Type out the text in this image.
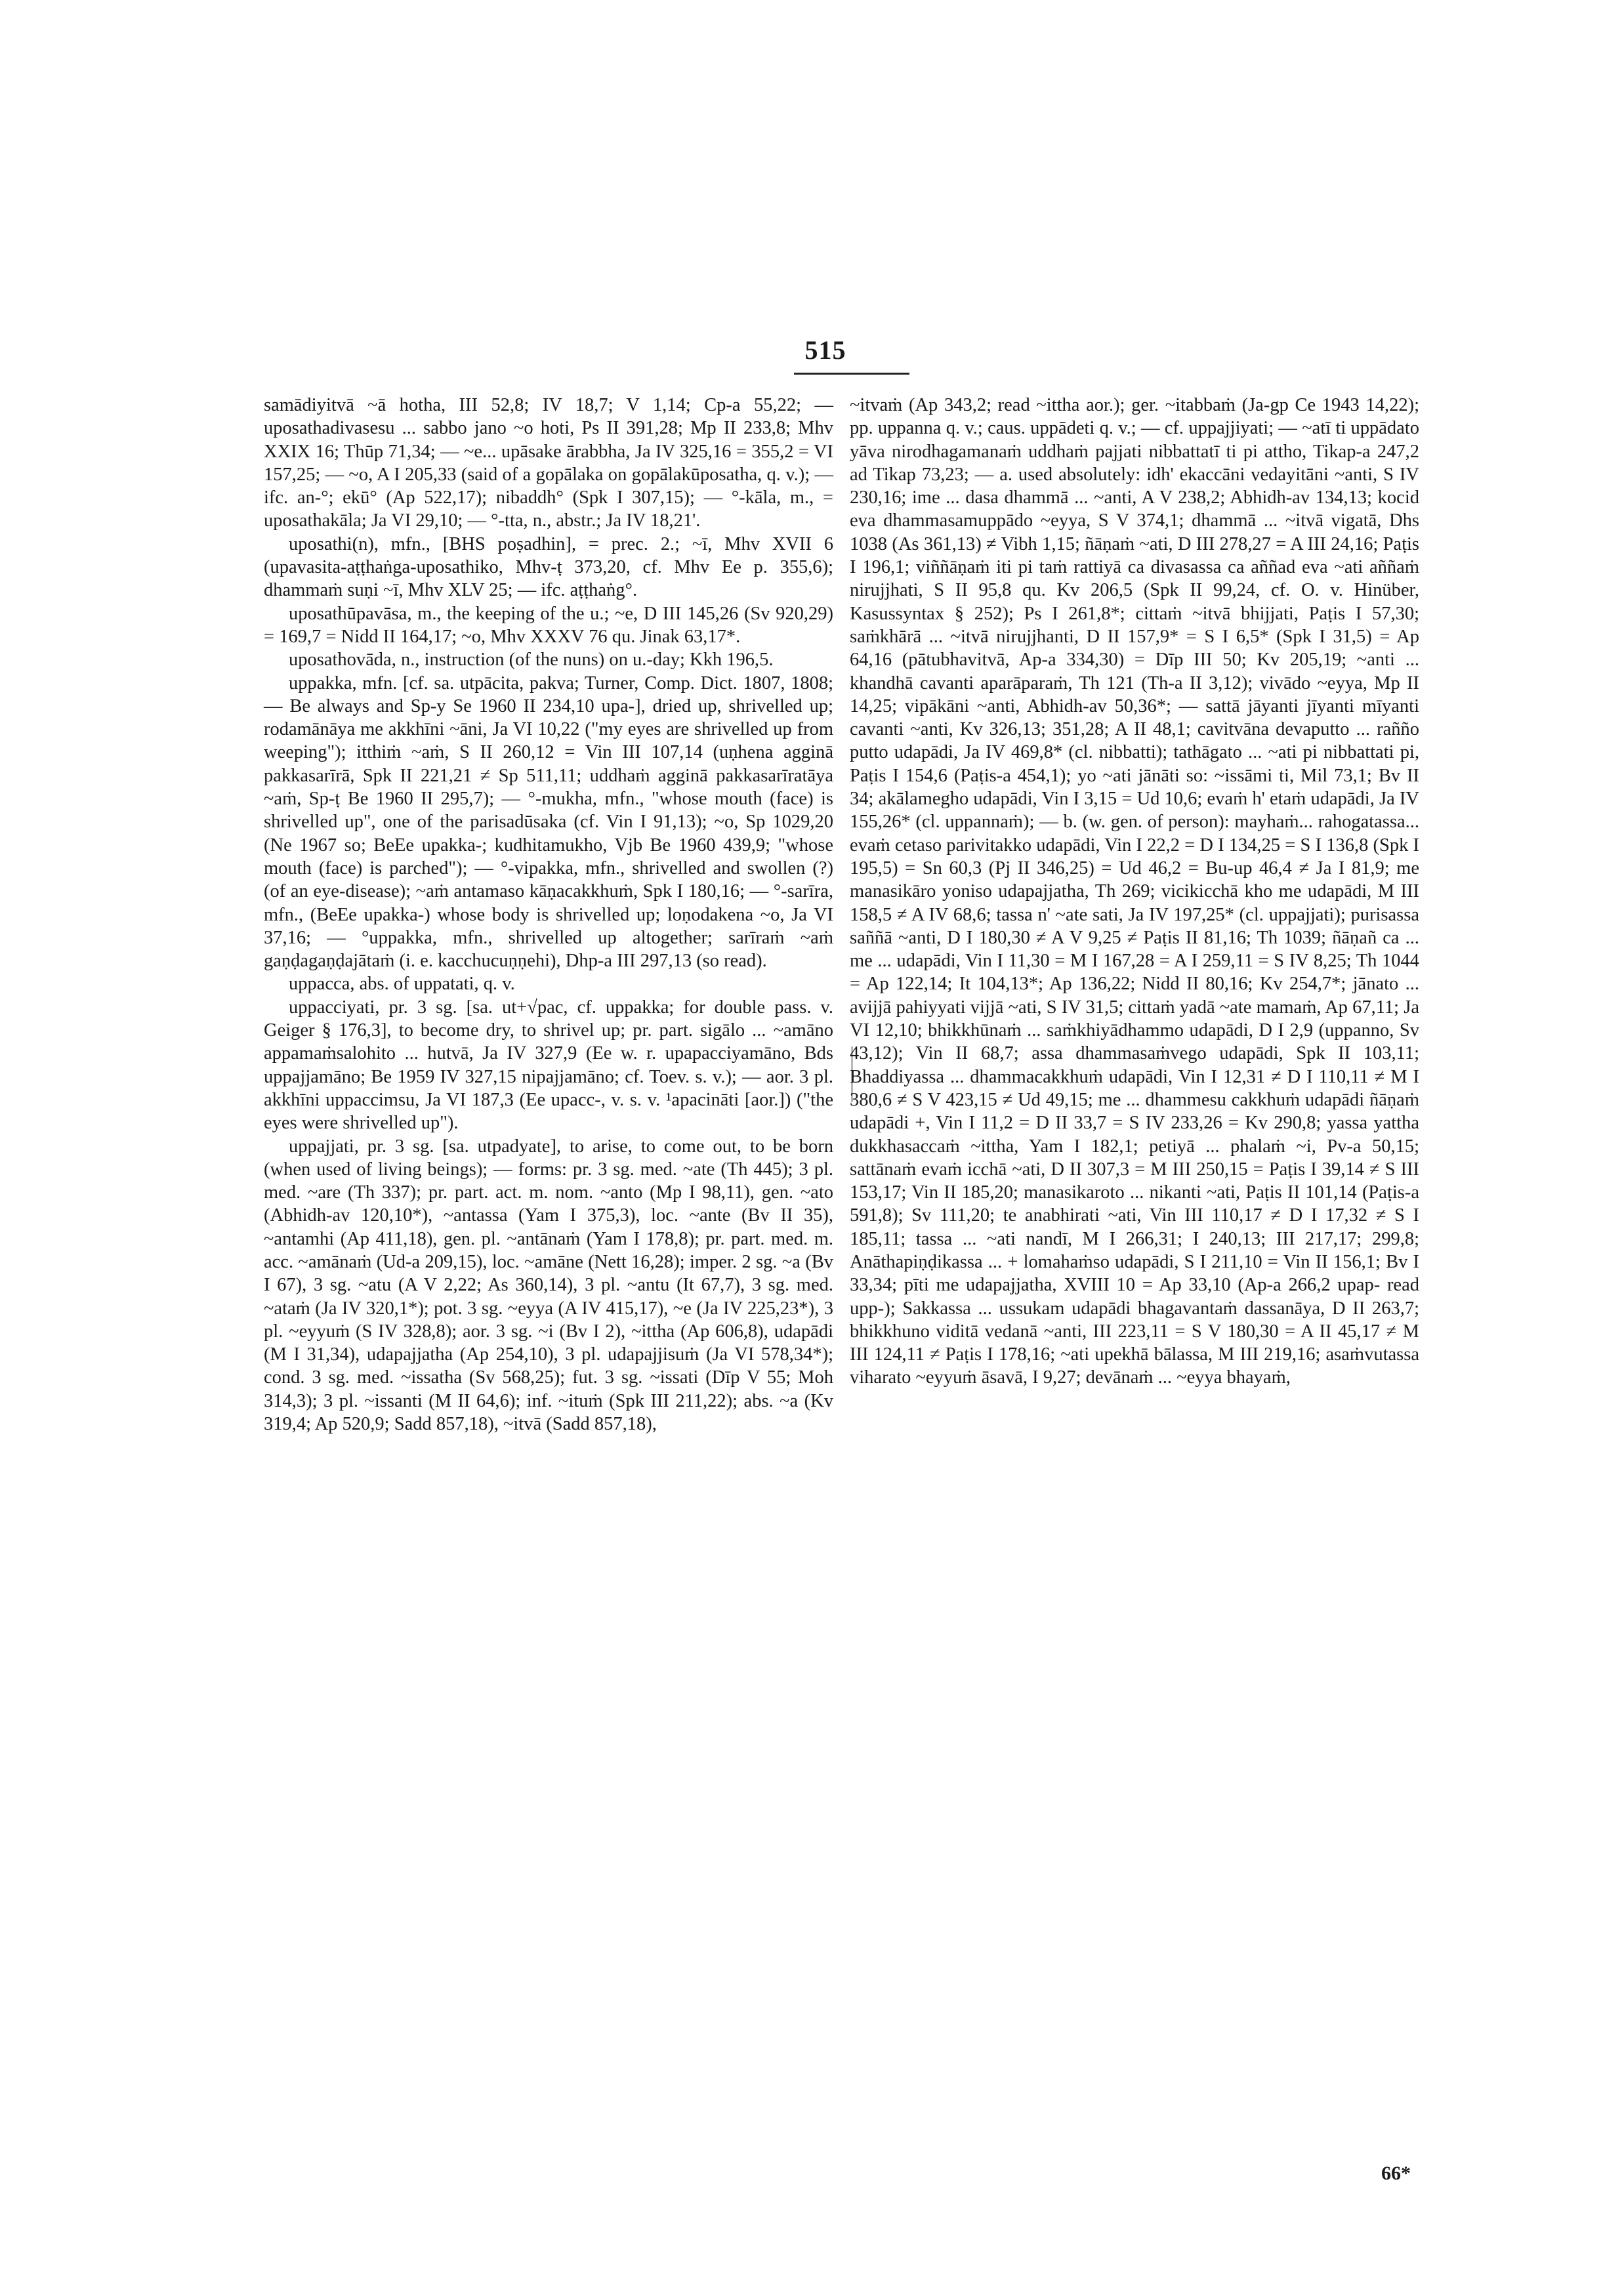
515

samādiyitvā ~ā hotha, III 52,8; IV 18,7; V 1,14; Cp-a 55,22; — uposathadivasesu ... sabbo jano ~o hoti, Ps II 391,28; Mp II 233,8; Mhv XXIX 16; Thūp 71,34; — ~e... upāsake ārabbha, Ja IV 325,16 = 355,2 = VI 157,25; — ~o, A I 205,33 (said of a gopālaka on gopālakūposatha, q. v.); — ifc. an-°; ekū° (Ap 522,17); nibaddh° (Spk I 307,15); — °-kāla, m., = uposathakāla; Ja VI 29,10; — °-tta, n., abstr.; Ja IV 18,21'.

uposathi(n), mfn., [BHS poṣadhin], = prec. 2.; ~ī, Mhv XVII 6 (upavasita-aṭṭhaṅga-uposathiko, Mhv-ṭ 373,20, cf. Mhv Ee p. 355,6); dhammaṁ suṇi ~ī, Mhv XLV 25; — ifc. aṭṭhaṅg°.

uposathūpavāsa, m., the keeping of the u.; ~e, D III 145,26 (Sv 920,29) = 169,7 = Nidd II 164,17; ~o, Mhv XXXV 76 qu. Jinak 63,17*.

uposathovāda, n., instruction (of the nuns) on u.-day; Kkh 196,5.

uppakka, mfn. [cf. sa. utpācita, pakva; Turner, Comp. Dict. 1807, 1808; — Be always and Sp-y Se 1960 II 234,10 upa-], dried up, shrivelled up; rodamānāya me akkhīni ~āni, Ja VI 10,22 ("my eyes are shrivelled up from weeping"); itthiṁ ~aṁ, S II 260,12 = Vin III 107,14 (uṇhena agginā pakkasarīrā, Spk II 221,21 ≠ Sp 511,11; uddhaṁ agginā pakkasarīratāya ~aṁ, Sp-ṭ Be 1960 II 295,7); — °-mukha, mfn., "whose mouth (face) is shrivelled up", one of the parisadūsaka (cf. Vin I 91,13); ~o, Sp 1029,20 (Ne 1967 so; BeEe upakka-; kudhitamukho, Vjb Be 1960 439,9; "whose mouth (face) is parched"); — °-vipakka, mfn., shrivelled and swollen (?) (of an eye-disease); ~aṁ antamaso kāṇacakkhuṁ, Spk I 180,16; — °-sarīra, mfn., (BeEe upakka-) whose body is shrivelled up; loṇodakena ~o, Ja VI 37,16; — °uppakka, mfn., shrivelled up altogether; sarīraṁ ~aṁ gaṇḍagaṇḍajātaṁ (i. e. kacchucuṇṇehi), Dhp-a III 297,13 (so read).

uppacca, abs. of uppatati, q. v.

uppacciyati, pr. 3 sg. [sa. ut+√pac, cf. uppakka; for double pass. v. Geiger § 176,3], to become dry, to shrivel up; pr. part. sigālo ... ~amāno appamaṁsalohito ... hutvā, Ja IV 327,9 (Ee w. r. upapacciyamāno, Bds uppajjamāno; Be 1959 IV 327,15 nipajjamāno; cf. Toev. s. v.); — aor. 3 pl. akkhīni uppaccimsu, Ja VI 187,3 (Ee upacc-, v. s. v. ¹apacināti [aor.]) ("the eyes were shrivelled up").

uppajjati, pr. 3 sg. [sa. utpadyate], to arise, to come out, to be born (when used of living beings); — forms: pr. 3 sg. med. ~ate (Th 445); 3 pl. med. ~are (Th 337); pr. part. act. m. nom. ~anto (Mp I 98,11), gen. ~ato (Abhidh-av 120,10*), ~antassa (Yam I 375,3), loc. ~ante (Bv II 35), ~antamhi (Ap 411,18), gen. pl. ~antānaṁ (Yam I 178,8); pr. part. med. m. acc. ~amānaṁ (Ud-a 209,15), loc. ~amāne (Nett 16,28); imper. 2 sg. ~a (Bv I 67), 3 sg. ~atu (A V 2,22; As 360,14), 3 pl. ~antu (It 67,7), 3 sg. med. ~ataṁ (Ja IV 320,1*); pot. 3 sg. ~eyya (A IV 415,17), ~e (Ja IV 225,23*), 3 pl. ~eyyuṁ (S IV 328,8); aor. 3 sg. ~i (Bv I 2), ~ittha (Ap 606,8), udapādi (M I 31,34), udapajjatha (Ap 254,10), 3 pl. udapajjisuṁ (Ja VI 578,34*); cond. 3 sg. med. ~issatha (Sv 568,25); fut. 3 sg. ~issati (Dīp V 55; Moh 314,3); 3 pl. ~issanti (M II 64,6); inf. ~ituṁ (Spk III 211,22); abs. ~a (Kv 319,4; Ap 520,9; Sadd 857,18), ~itvā (Sadd 857,18),

~itvaṁ (Ap 343,2; read ~ittha aor.); ger. ~itabbaṁ (Ja-gp Ce 1943 14,22); pp. uppanna q. v.; caus. uppādeti q. v.; — cf. uppajjiyati; — ~atī ti uppādato yāva nirodhagamanaṁ uddhaṁ pajjati nibbattatī ti pi attho, Tikap-a 247,2 ad Tikap 73,23; — a. used absolutely: idh' ekaccāni vedayitāni ~anti, S IV 230,16; ime ... dasa dhammā ... ~anti, A V 238,2; Abhidh-av 134,13; kocid eva dhammasamuppādo ~eyya, S V 374,1; dhammā ... ~itvā vigatā, Dhs 1038 (As 361,13) ≠ Vibh 1,15; ñāṇaṁ ~ati, D III 278,27 = A III 24,16; Paṭis I 196,1; viññāṇaṁ iti pi taṁ rattiyā ca divasassa ca aññad eva ~ati aññaṁ nirujjhati, S II 95,8 qu. Kv 206,5 (Spk II 99,24, cf. O. v. Hinüber, Kasussyntax § 252); Ps I 261,8*; cittaṁ ~itvā bhijjati, Paṭis I 57,30; saṁkhārā ... ~itvā nirujjhanti, D II 157,9* = S I 6,5* (Spk I 31,5) = Ap 64,16 (pātubhavitvā, Ap-a 334,30) = Dīp III 50; Kv 205,19; ~anti ... khandhā cavanti aparāparaṁ, Th 121 (Th-a II 3,12); vivādo ~eyya, Mp II 14,25; vipākāni ~anti, Abhidh-av 50,36*; — sattā jāyanti jīyanti mīyanti cavanti ~anti, Kv 326,13; 351,28; A II 48,1; cavitvāna devaputto ... rañño putto udapādi, Ja IV 469,8* (cl. nibbatti); tathāgato ... ~ati pi nibbattati pi, Paṭis I 154,6 (Paṭis-a 454,1); yo ~ati jānāti so: ~issāmi ti, Mil 73,1; Bv II 34; akālamegho udapādi, Vin I 3,15 = Ud 10,6; evaṁ h' etaṁ udapādi, Ja IV 155,26* (cl. uppannaṁ); — b. (w. gen. of person): mayhaṁ... rahogatassa... evaṁ cetaso parivitakko udapādi, Vin I 22,2 = D I 134,25 = S I 136,8 (Spk I 195,5) = Sn 60,3 (Pj II 346,25) = Ud 46,2 = Bu-up 46,4 ≠ Ja I 81,9; me manasikāro yoniso udapajjatha, Th 269; vicikicchā kho me udapādi, M III 158,5 ≠ A IV 68,6; tassa n' ~ate sati, Ja IV 197,25* (cl. uppajjati); purisassa saññā ~anti, D I 180,30 ≠ A V 9,25 ≠ Paṭis II 81,16; Th 1039; ñāṇañ ca ... me ... udapādi, Vin I 11,30 = M I 167,28 = A I 259,11 = S IV 8,25; Th 1044 = Ap 122,14; It 104,13*; Ap 136,22; Nidd II 80,16; Kv 254,7*; jānato ... avijjā pahiyyati vijjā ~ati, S IV 31,5; cittaṁ yadā ~ate mamaṁ, Ap 67,11; Ja VI 12,10; bhikkhūnaṁ ... saṁkhiyādhammo udapādi, D I 2,9 (uppanno, Sv 43,12); Vin II 68,7; assa dhammasaṁvego udapādi, Spk II 103,11; Bhaddiyassa ... dhammacakkhuṁ udapādi, Vin I 12,31 ≠ D I 110,11 ≠ M I 380,6 ≠ S V 423,15 ≠ Ud 49,15; me ... dhammesu cakkhuṁ udapādi ñāṇaṁ udapādi +, Vin I 11,2 = D II 33,7 = S IV 233,26 = Kv 290,8; yassa yattha dukkhasaccaṁ ~ittha, Yam I 182,1; petiyā ... phalaṁ ~i, Pv-a 50,15; sattānaṁ evaṁ icchā ~ati, D II 307,3 = M III 250,15 = Paṭis I 39,14 ≠ S III 153,17; Vin II 185,20; manasikaroto ... nikanti ~ati, Paṭis II 101,14 (Paṭis-a 591,8); Sv 111,20; te anabhirati ~ati, Vin III 110,17 ≠ D I 17,32 ≠ S I 185,11; tassa ... ~ati nandī, M I 266,31; I 240,13; III 217,17; 299,8; Anāthapiṇḍikassa ... + lomahaṁso udapādi, S I 211,10 = Vin II 156,1; Bv I 33,34; pīti me udapajjatha, XVIII 10 = Ap 33,10 (Ap-a 266,2 upap- read upp-); Sakkassa ... ussukam udapādi bhagavantaṁ dassanāya, D II 263,7; bhikkhuno viditā vedanā ~anti, III 223,11 = S V 180,30 = A II 45,17 ≠ M III 124,11 ≠ Paṭis I 178,16; ~ati upekhā bālassa, M III 219,16; asaṁvutassa viharato ~eyyuṁ āsavā, I 9,27; devānaṁ ... ~eyya bhayaṁ,

66*
